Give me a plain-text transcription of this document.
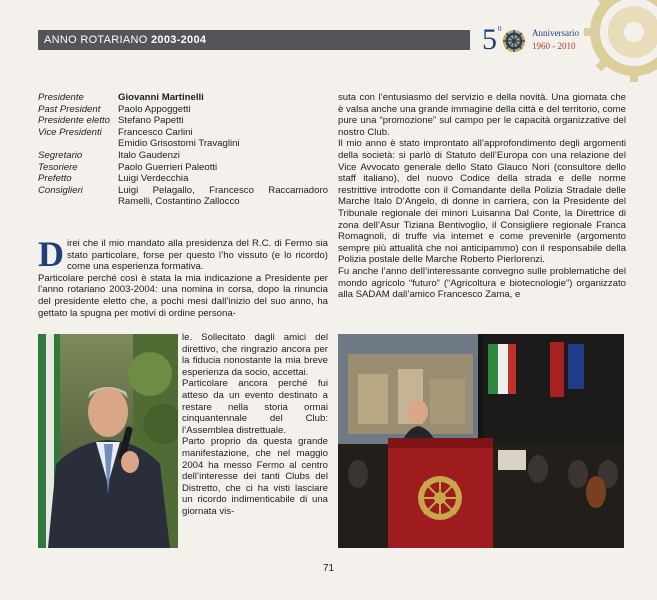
ANNO ROTARIANO 2003-2004	5 0	Anniversario
1960 - 2010
Presidente	Giovanni Martinelli
Past President	Paolo Appoggetti
Presidente eletto Stefano Papetti
Vice Presidenti	Francesco Carlini
Emidio Grisostomi Travaglini
Segretario	Italo Gaudenzi
Tesoriere	Paolo Guerrieri Paleotti
Prefetto	Luigi Verdecchia
Consiglieri	Luigi Pelagallo, Francesco Raccamadoro
Ramelli, Costantino Zallocco
D irei che il mio mandato alla presidenza del R.C. di Fermo sia stato particolare, forse per questo l’ho vissuto (e lo ricordo) come una esperienza formativa.

Particolare perché così è stata la mia indicazione a Presidente per l’anno rotariano 2003-2004: una nomina in corsa, dopo la rinuncia del presidente eletto che, a pochi mesi dall’inizio del suo anno, ha gettato la spugna per motivi di ordine persona-

le. Sollecitato dagli amici del direttivo, che ringrazio ancora per la fiducia nonostante la mia breve esperienza da socio, accettai.

Particolare ancora perché fui atteso da un evento destinato a restare nella storia ormai cinquantennale del Club: l’Assemblea distrettuale.

Parto proprio da questa grande manifestazione, che nel maggio 2004 ha messo Fermo al centro dell’interesse dei tanti Clubs del Distretto, che ci ha visti lasciare un ricordo indimenticabile di una giornata vis-

suta con l’entusiasmo del servizio e della novità. Una giornata che è valsa anche una grande immagine della città e del territorio, come pure una “promozione” sul campo per le capacità organizzative del nostro Club.

Il mio anno è stato improntato all’approfondimento degli argomenti della società: si parlò di Statuto dell’Europa con una relazione del Vice Avvocato generale dello Stato Glauco Nori (consultore dello staff italiano), del nuovo Codice della strada e delle norme restrittive introdotte con il Comandante della Polizia Stradale delle Marche Italo D’Angelo, di donne in carriera, con la Presidente del Tribunale regionale dei minori Luisanna Dal Conte, la Direttrice di zona dell’Asur Tiziana Bentivoglio, il Consigliere regionale Franca Romagnoli, di truffe via internet e come prevenirle (argomento sempre più attualità che noi anticipammo) con il responsabile della Polizia postale delle Marche Roberto Pierlorenzi.

Fu anche l’anno dell’interessante convegno sulle problematiche del mondo agricolo “futuro” (“Agricoltura e biotecnologie”) organizzato alla SADAM dall’amico Francesco Zama, e

71
